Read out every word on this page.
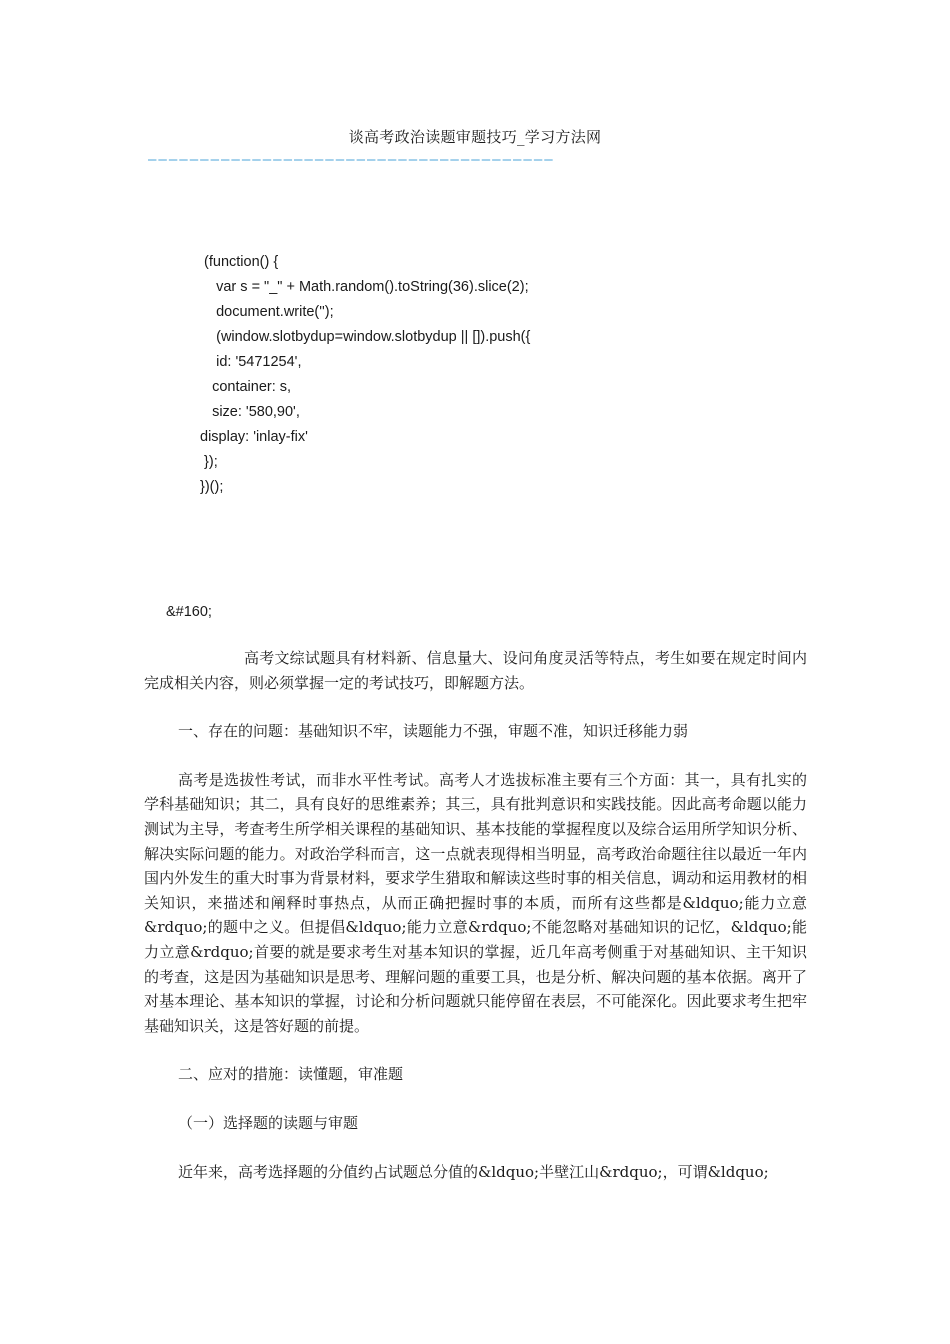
谈高考政治读题审题技巧_学习方法网
———————————————————————————————————————
(function() {
var s = "_" + Math.random().toString(36).slice(2);
document.write('');
(window.slotbydup=window.slotbydup || []).push({
id: '5471254',
container: s,
size: '580,90',
display: 'inlay-fix'
});
})();
&#160;

高考文综试题具有材料新、信息量大、设问角度灵活等特点，考生如要在规定时间内完成相关内容，则必须掌握一定的考试技巧，即解题方法。

一、存在的问题：基础知识不牢，读题能力不强，审题不准，知识迁移能力弱

高考是选拔性考试，而非水平性考试。高考人才选拔标准主要有三个方面：其一，具有扎实的学科基础知识；其二，具有良好的思维素养；其三，具有批判意识和实践技能。因此高考命题以能力测试为主导，考查考生所学相关课程的基础知识、基本技能的掌握程度以及综合运用所学知识分析、解决实际问题的能力。对政治学科而言，这一点就表现得相当明显，高考政治命题往往以最近一年内国内外发生的重大时事为背景材料，要求学生猎取和解读这些时事的相关信息，调动和运用教材的相关知识，来描述和阐释时事热点，从而正确把握时事的本质，而所有这些都是&ldquo;能力立意&rdquo;的题中之义。但提倡&ldquo;能力立意&rdquo;不能忽略对基础知识的记忆，&ldquo;能力立意&rdquo;首要的就是要求考生对基本知识的掌握，近几年高考侧重于对基础知识、主干知识的考查，这是因为基础知识是思考、理解问题的重要工具，也是分析、解决问题的基本依据。离开了对基本理论、基本知识的掌握，讨论和分析问题就只能停留在表层，不可能深化。因此要求考生把牢基础知识关，这是答好题的前提。

二、应对的措施：读懂题，审准题

（一）选择题的读题与审题

近年来，高考选择题的分值约占试题总分值的&ldquo;半壁江山&rdquo;，可谓&ldquo;
